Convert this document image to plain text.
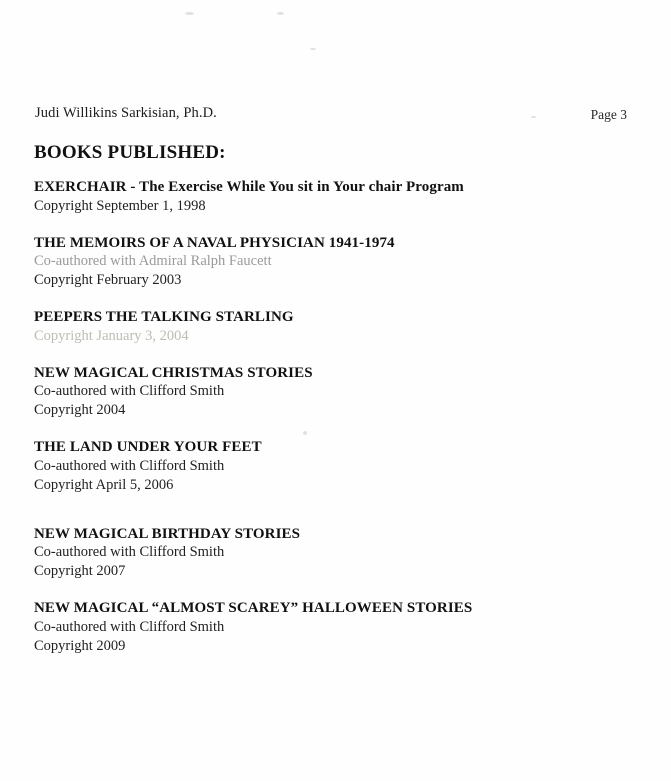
Judi Willikins Sarkisian, Ph.D.	Page 3
BOOKS PUBLISHED:
EXERCHAIR - The Exercise While You sit in Your chair Program
Copyright September 1, 1998
THE MEMOIRS OF A NAVAL PHYSICIAN 1941-1974
Co-authored with Admiral Ralph Faucett
Copyright February 2003
PEEPERS THE TALKING STARLING
Copyright January 3, 2004
NEW MAGICAL CHRISTMAS STORIES
Co-authored with Clifford Smith
Copyright 2004
THE LAND UNDER YOUR FEET
Co-authored with Clifford Smith
Copyright April 5, 2006
NEW MAGICAL BIRTHDAY STORIES
Co-authored with Clifford Smith
Copyright 2007
NEW MAGICAL “ALMOST SCAREY” HALLOWEEN STORIES
Co-authored with Clifford Smith
Copyright 2009
